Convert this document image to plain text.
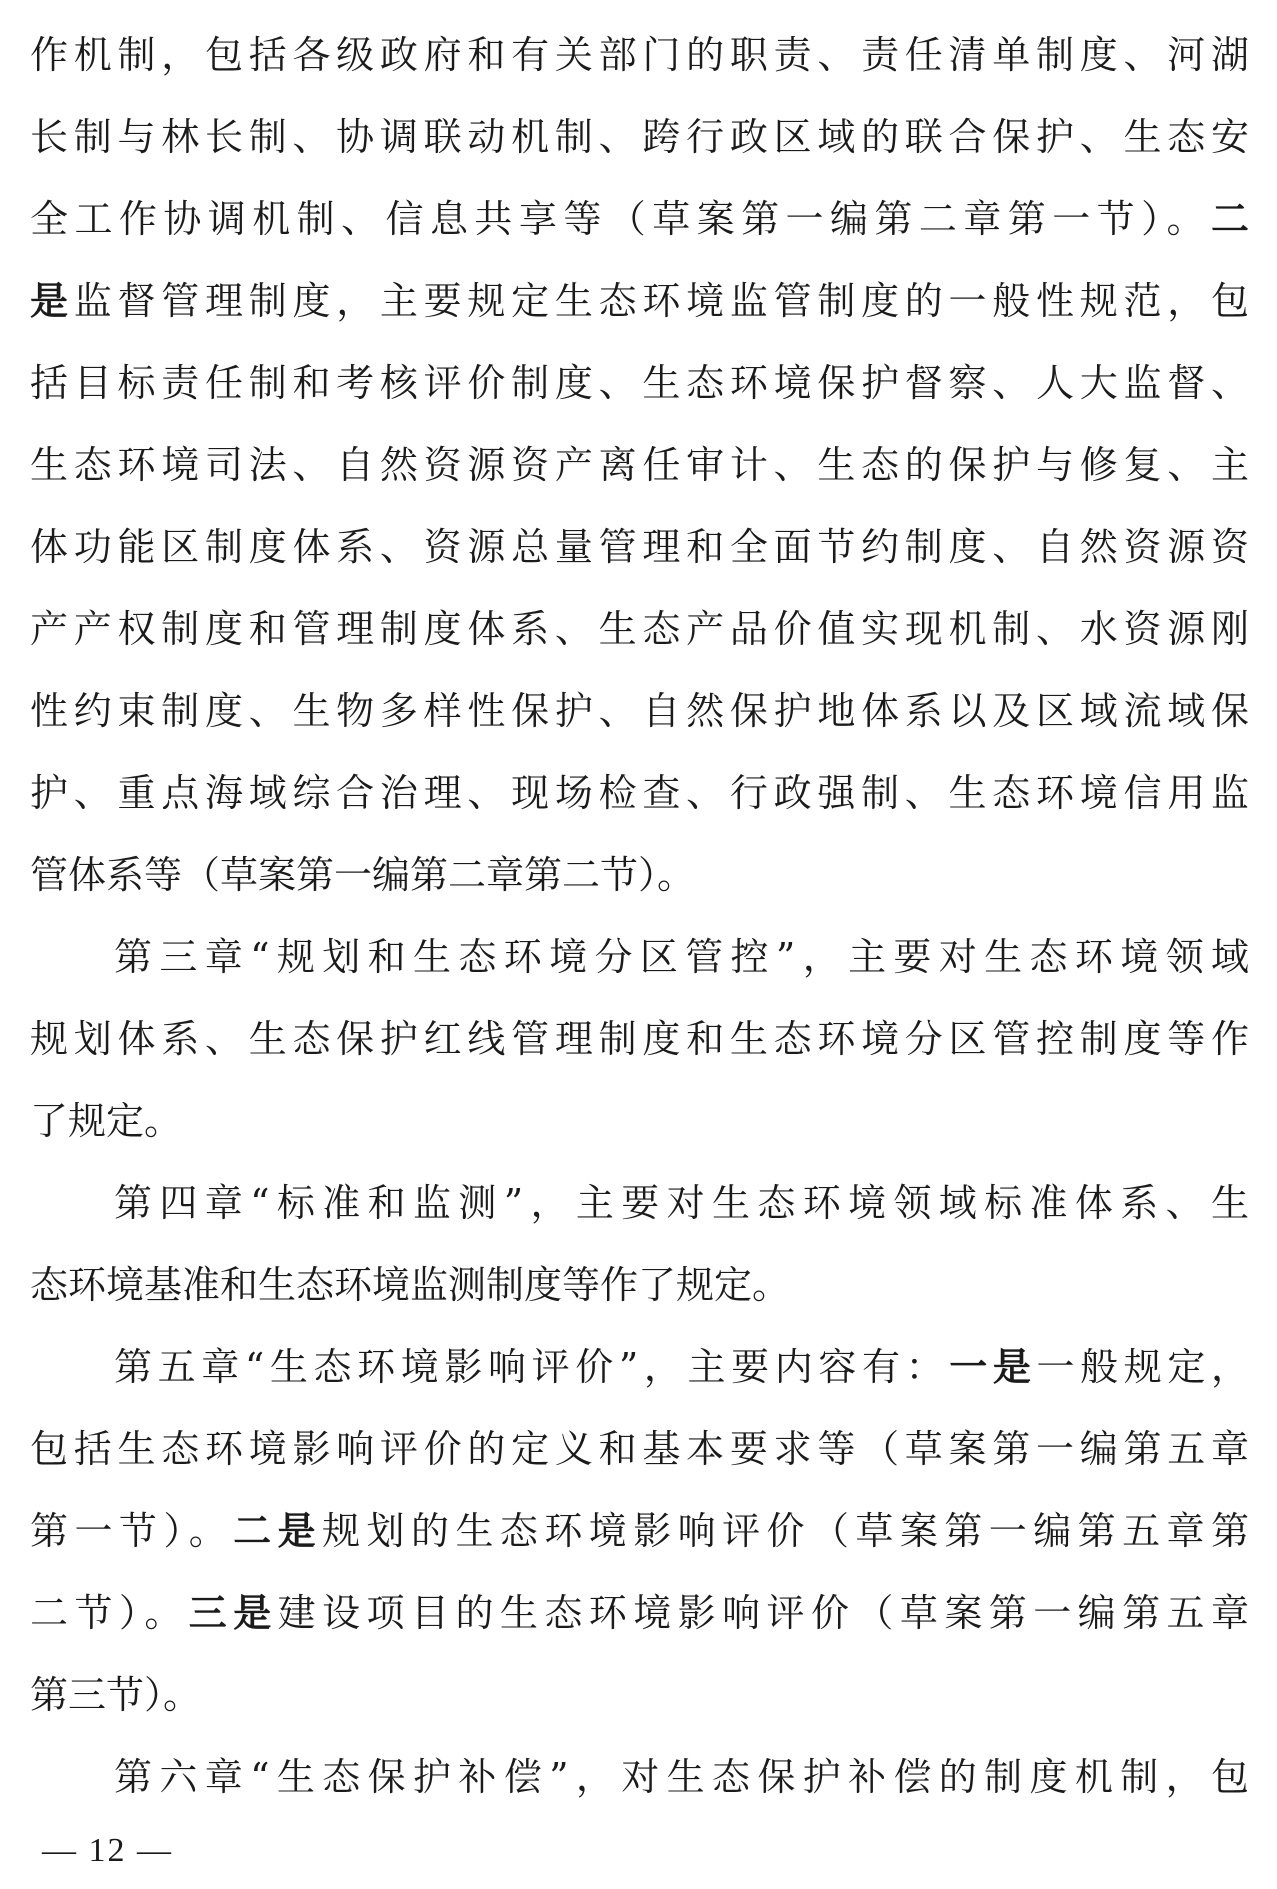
作机制，包括各级政府和有关部门的职责、责任清单制度、河湖
长制与林长制、协调联动机制、跨行政区域的联合保护、生态安
全工作协调机制、信息共享等（草案第一编第二章第一节）。二
是监督管理制度，主要规定生态环境监管制度的一般性规范，包
括目标责任制和考核评价制度、生态环境保护督察、人大监督、
生态环境司法、自然资源资产离任审计、生态的保护与修复、主
体功能区制度体系、资源总量管理和全面节约制度、自然资源资
产产权制度和管理制度体系、生态产品价值实现机制、水资源刚
性约束制度、生物多样性保护、自然保护地体系以及区域流域保
护、重点海域综合治理、现场检查、行政强制、生态环境信用监
管体系等（草案第一编第二章第二节）。
第三章“规划和生态环境分区管控”，主要对生态环境领域
规划体系、生态保护红线管理制度和生态环境分区管控制度等作
了规定。
第四章“标准和监测”，主要对生态环境领域标准体系、生
态环境基准和生态环境监测制度等作了规定。
第五章“生态环境影响评价”，主要内容有：一是一般规定，
包括生态环境影响评价的定义和基本要求等（草案第一编第五章
第一节）。二是规划的生态环境影响评价（草案第一编第五章第
二节）。三是建设项目的生态环境影响评价（草案第一编第五章
第三节）。
第六章“生态保护补偿”，对生态保护补偿的制度机制，包
— 12 —
